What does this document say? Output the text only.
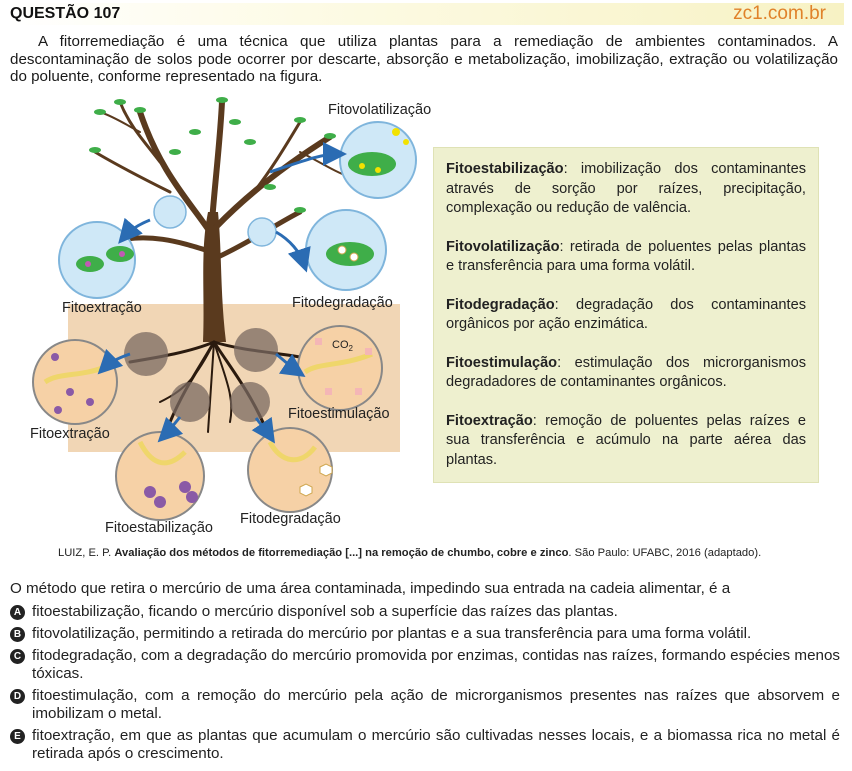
QUESTÃO 107	zc1.com.br

A fitorremediação é uma técnica que utiliza plantas para a remediação de ambientes contaminados. A descontaminação de solos pode ocorrer por descarte, absorção e metabolização, imobilização, extração ou volatilização do poluente, conforme representado na figura.

Fitovolatilização
Fitoextração	Fitodegradação
Fitoestimulação
Fitoextração
Fitoestabilização
Fitodegradação
$CO_2$

Fitoestabilização: imobilização dos contaminantes através de sorção por raízes, precipitação, complexação ou redução de valência.

Fitovolatilização: retirada de poluentes pelas plantas e transferência para uma forma volátil.

Fitodegradação: degradação dos contaminantes orgânicos por ação enzimática.

Fitoestimulação: estimulação dos microrganismos degradadores de contaminantes orgânicos.

Fitoextração: remoção de poluentes pelas raízes e sua transferência e acúmulo na parte aérea das plantas.

LUIZ, E. P. Avaliação dos métodos de fitorremediação [...] na remoção de chumbo, cobre e zinco. São Paulo: UFABC, 2016 (adaptado).

O método que retira o mercúrio de uma área contaminada, impedindo sua entrada na cadeia alimentar, é a

A fitoestabilização, ficando o mercúrio disponível sob a superfície das raízes das plantas.
B fitovolatilização, permitindo a retirada do mercúrio por plantas e a sua transferência para uma forma volátil.
C fitodegradação, com a degradação do mercúrio promovida por enzimas, contidas nas raízes, formando espécies menos tóxicas.
D fitoestimulação, com a remoção do mercúrio pela ação de microrganismos presentes nas raízes que absorvem e imobilizam o metal.
E fitoextração, em que as plantas que acumulam o mercúrio são cultivadas nesses locais, e a biomassa rica no metal é retirada após o crescimento.
